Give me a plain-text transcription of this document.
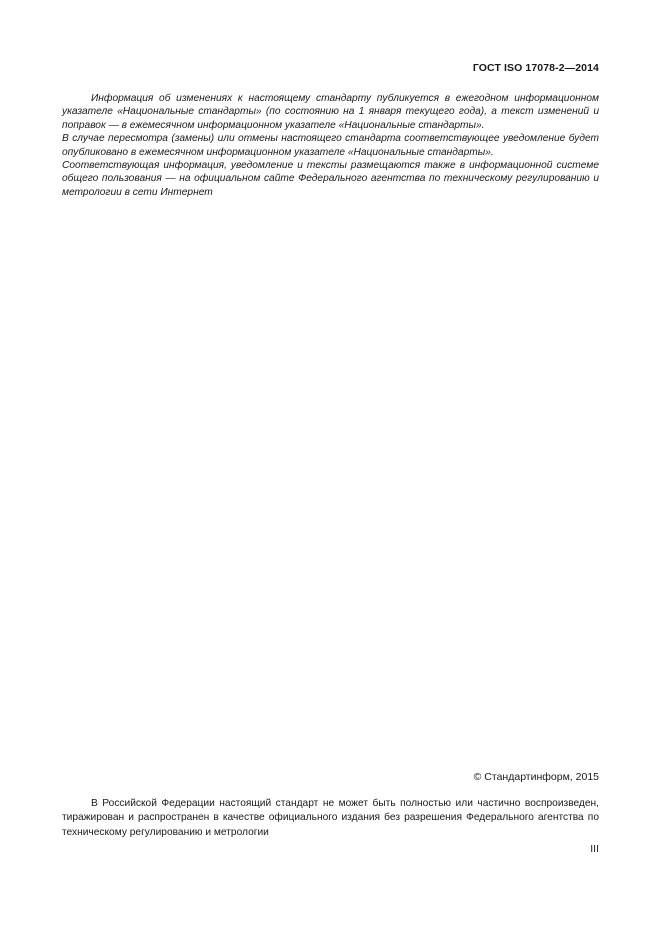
ГОСТ ISO 17078-2—2014

Информация об изменениях к настоящему стандарту публикуется в ежегодном информационном указателе «Национальные стандарты» (по состоянию на 1 января текущего года), а текст изменений и поправок — в ежемесячном информационном указателе «Национальные стандарты».

В случае пересмотра (замены) или отмены настоящего стандарта соответствующее уведомление будет опубликовано в ежемесячном информационном указателе «Национальные стандарты».

Соответствующая информация, уведомление и тексты размещаются также в информационной системе общего пользования — на официальном сайте Федерального агентства по техническому регулированию и метрологии в сети Интернет

© Стандартинформ, 2015

В Российской Федерации настоящий стандарт не может быть полностью или частично воспроизведен, тиражирован и распространен в качестве официального издания без разрешения Федерального агентства по техническому регулированию и метрологии

III
